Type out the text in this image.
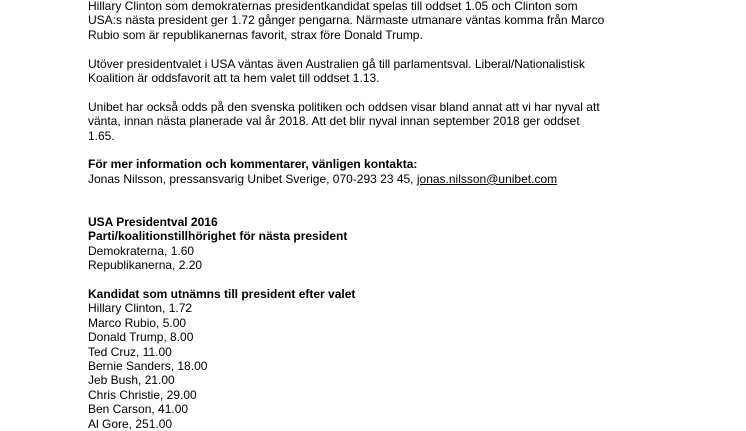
Hillary Clinton som demokraternas presidentkandidat spelas till oddset 1.05 och Clinton som
USA:s nästa president ger 1.72 gånger pengarna. Närmaste utmanare väntas komma från Marco
Rubio som är republikanernas favorit, strax före Donald Trump.

Utöver presidentvalet i USA väntas även Australien gå till parlamentsval. Liberal/Nationalistisk
Koalition är oddsfavorit att ta hem valet till oddset 1.13.

Unibet har också odds på den svenska politiken och oddsen visar bland annat att vi har nyval att
vänta, innan nästa planerade val år 2018. Att det blir nyval innan september 2018 ger oddset
1.65.

För mer information och kommentarer, vänligen kontakta:

Jonas Nilsson, pressansvarig Unibet Sverige, 070-293 23 45, jonas.nilsson@unibet.com

USA Presidentval 2016

Parti/koalitionstillhörighet för nästa president

Demokraterna, 1.60
Republikanerna, 2.20

Kandidat som utnämns till president efter valet

Hillary Clinton, 1.72
Marco Rubio, 5.00
Donald Trump, 8.00
Ted Cruz, 11.00
Bernie Sanders, 18.00
Jeb Bush, 21.00
Chris Christie, 29.00
Ben Carson, 41.00
Al Gore, 251.00
